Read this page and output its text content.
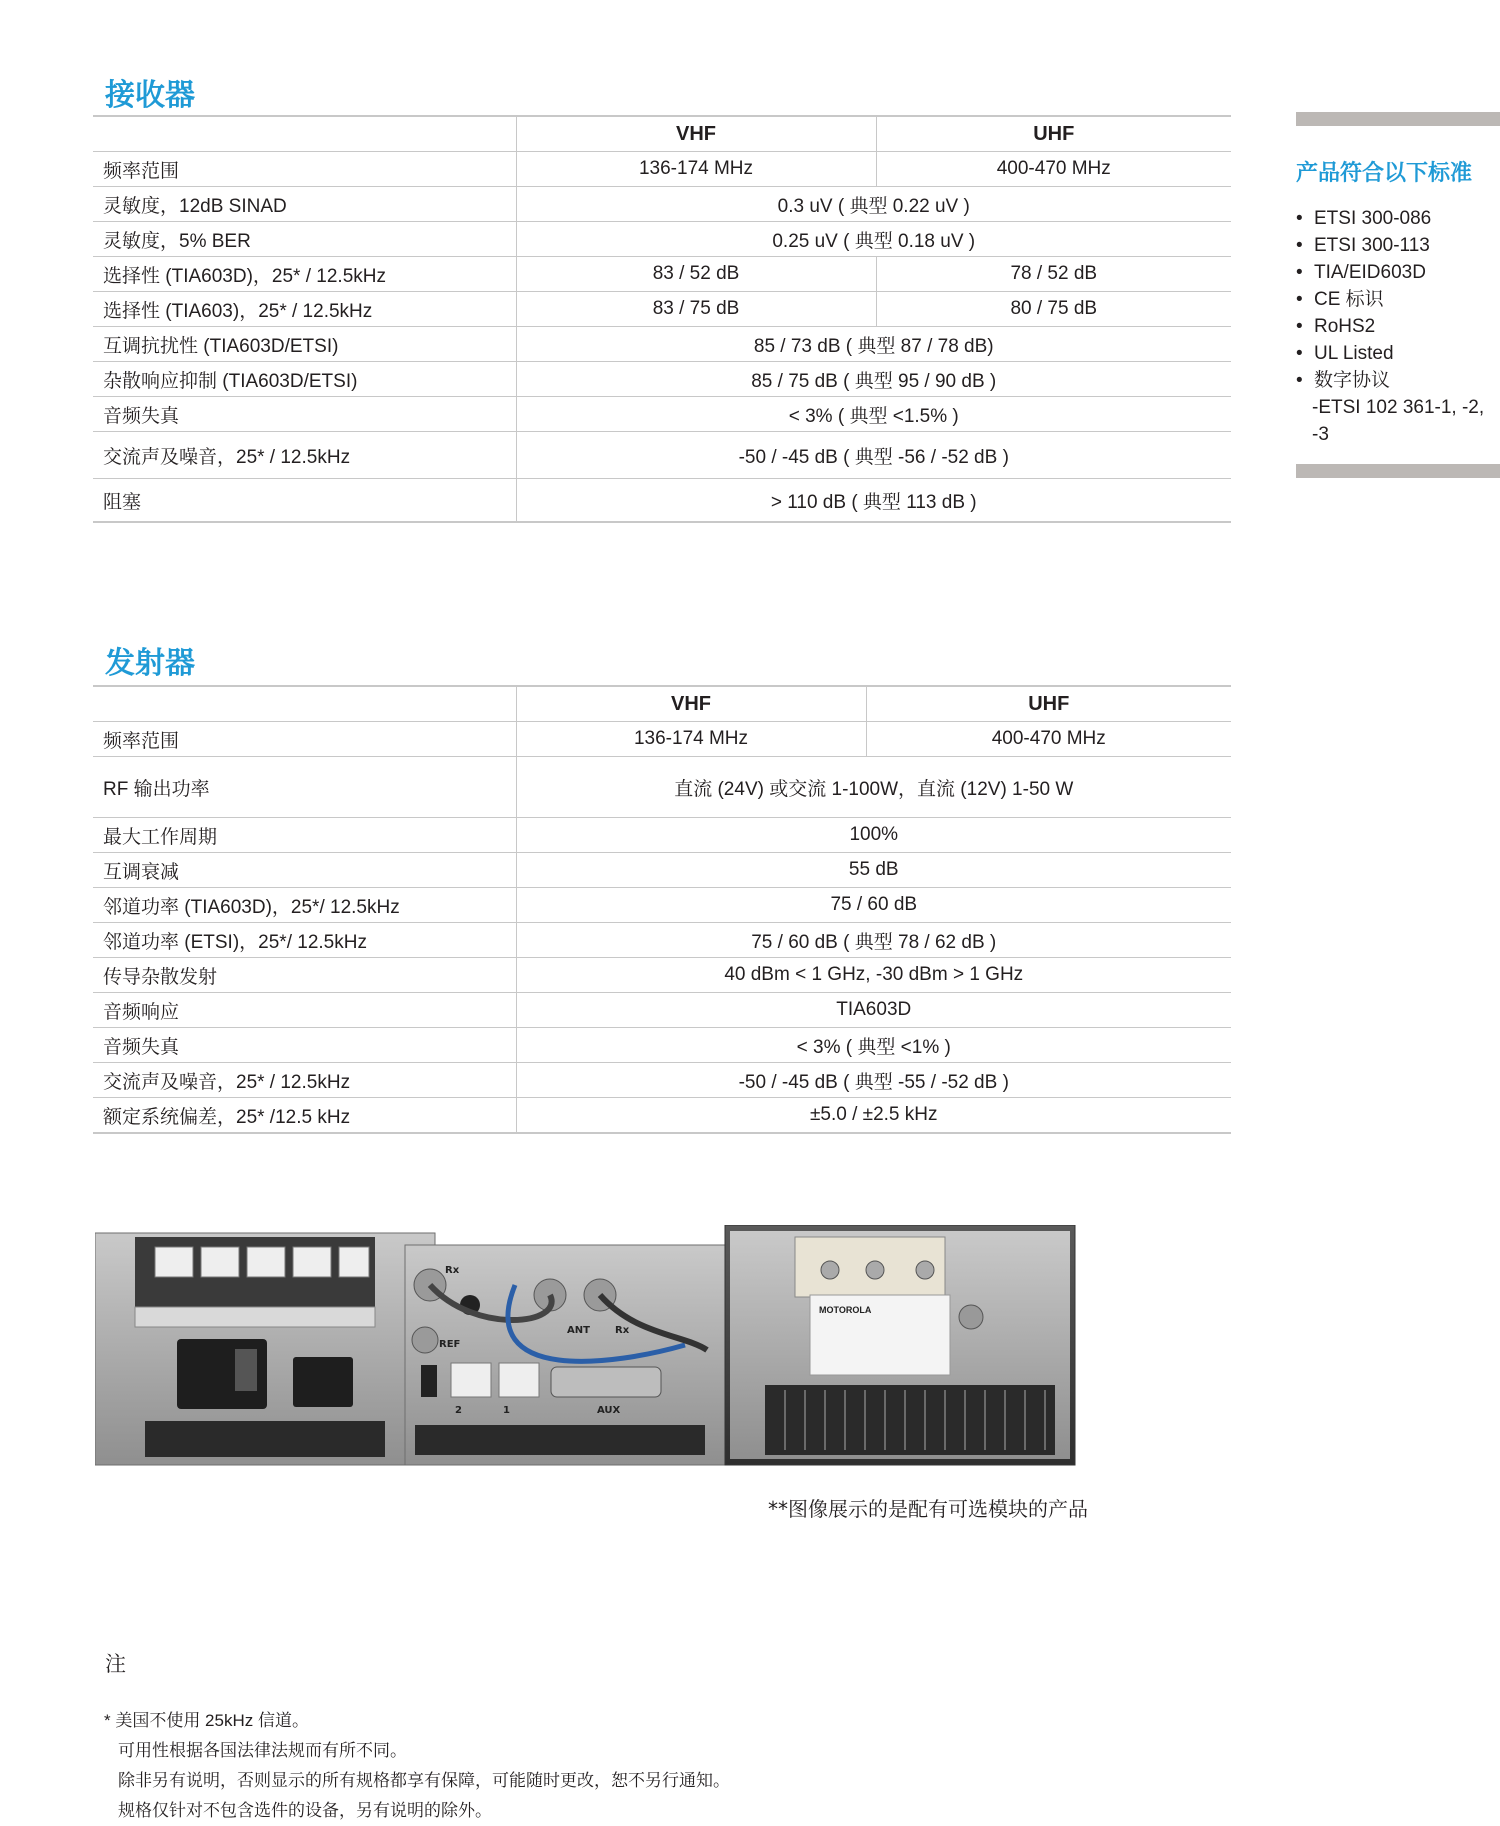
接收器
	VHF	UHF
频率范围	136-174 MHz	400-470 MHz
灵敏度，12dB SINAD	0.3 uV ( 典型 0.22 uV )	
灵敏度，5% BER	0.25 uV ( 典型 0.18 uV )	
选择性 (TIA603D)，25* / 12.5kHz	83 / 52 dB	78 / 52 dB
选择性 (TIA603)，25* / 12.5kHz	83 / 75 dB	80 / 75 dB
互调抗扰性 (TIA603D/ETSI)	85 / 73 dB ( 典型 87 / 78 dB)	
杂散响应抑制 (TIA603D/ETSI)	85 / 75 dB ( 典型 95 / 90 dB )	
音频失真	< 3% ( 典型 <1.5% )	
交流声及噪音，25* / 12.5kHz	-50 / -45 dB ( 典型 -56 / -52 dB )	
阻塞	> 110 dB ( 典型 113 dB )	
发射器
	VHF	UHF
频率范围	136-174 MHz	400-470 MHz
RF 输出功率	直流 (24V) 或交流 1-100W，直流 (12V) 1-50 W	
最大工作周期	100%	
互调衰减	55 dB	
邻道功率 (TIA603D)，25*/ 12.5kHz	75 / 60 dB	
邻道功率 (ETSI)，25*/ 12.5kHz	75 / 60 dB ( 典型 78 / 62 dB )	
传导杂散发射	40 dBm < 1 GHz, -30 dBm > 1 GHz	
音频响应	TIA603D	
音频失真	< 3% ( 典型 <1% )	
交流声及噪音，25* / 12.5kHz	-50 / -45 dB ( 典型 -55 / -52 dB )	
额定系统偏差，25* /12.5 kHz	±5.0 / ±2.5 kHz	
产品符合以下标准
• ETSI 300-086
• ETSI 300-113
• TIA/EID603D
• CE 标识
• RoHS2
• UL Listed
• 数字协议
-ETSI 102 361-1, -2, -3
Rx
ANT	Rx
REF
AUX
2	1
MOTOROLA

**图像展示的是配有可选模块的产品

注

* 美国不使用 25kHz 信道。
可用性根据各国法律法规而有所不同。
除非另有说明，否则显示的所有规格都享有保障，可能随时更改，恕不另行通知。
规格仅针对不包含选件的设备，另有说明的除外。
